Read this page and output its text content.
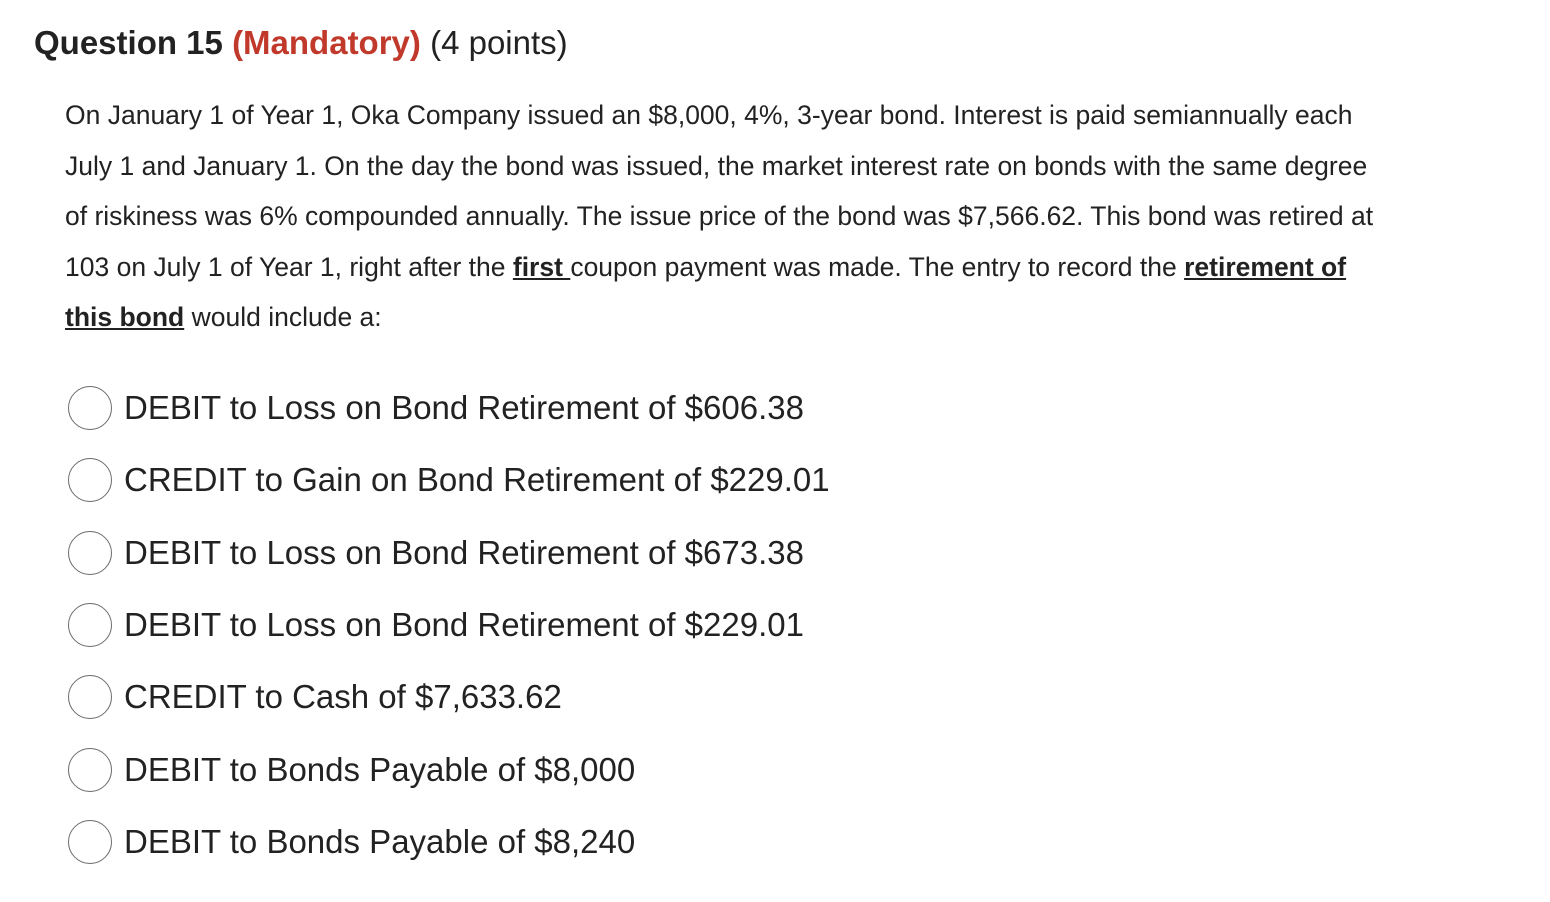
Question 15 (Mandatory) (4 points)

On January 1 of Year 1, Oka Company issued an $8,000, 4%, 3-year bond. Interest is paid semiannually each July 1 and January 1. On the day the bond was issued, the market interest rate on bonds with the same degree of riskiness was 6% compounded annually. The issue price of the bond was $7,566.62. This bond was retired at 103 on July 1 of Year 1, right after the first coupon payment was made. The entry to record the retirement of this bond would include a:

DEBIT to Loss on Bond Retirement of $606.38
CREDIT to Gain on Bond Retirement of $229.01
DEBIT to Loss on Bond Retirement of $673.38
DEBIT to Loss on Bond Retirement of $229.01
CREDIT to Cash of $7,633.62
DEBIT to Bonds Payable of $8,000
DEBIT to Bonds Payable of $8,240
